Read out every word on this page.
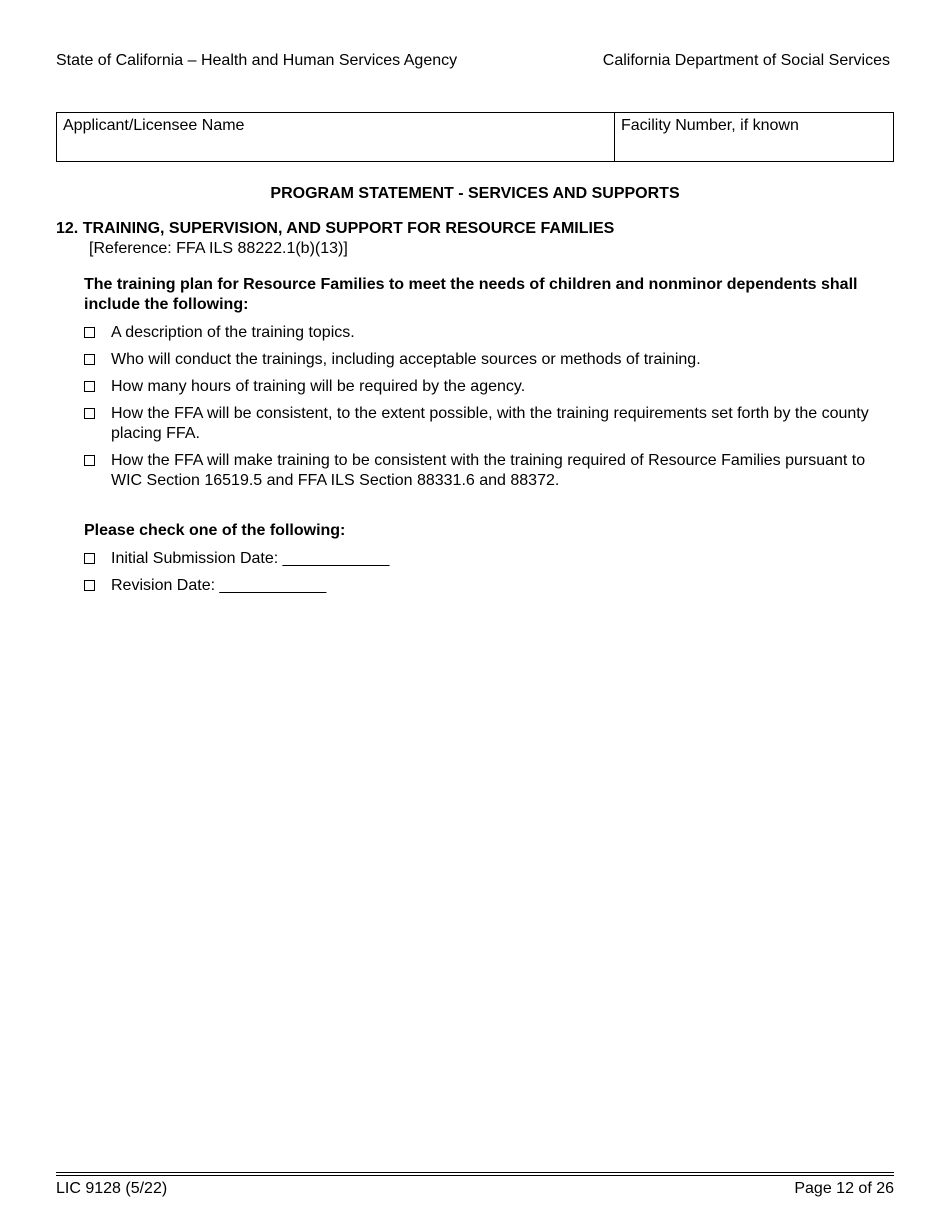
State of California – Health and Human Services Agency	California Department of Social Services
Applicant/Licensee Name	Facility Number, if known
PROGRAM STATEMENT - SERVICES AND SUPPORTS
12. TRAINING, SUPERVISION, AND SUPPORT FOR RESOURCE FAMILIES
[Reference: FFA ILS 88222.1(b)(13)]
The training plan for Resource Families to meet the needs of children and nonminor dependents shall include the following:
A description of the training topics.
Who will conduct the trainings, including acceptable sources or methods of training.
How many hours of training will be required by the agency.
How the FFA will be consistent, to the extent possible, with the training requirements set forth by the county placing FFA.
How the FFA will make training to be consistent with the training required of Resource Families pursuant to WIC Section 16519.5 and FFA ILS Section 88331.6 and 88372.
Please check one of the following:
Initial Submission Date: ____________
Revision Date: ____________
LIC 9128 (5/22)	Page 12 of 26
